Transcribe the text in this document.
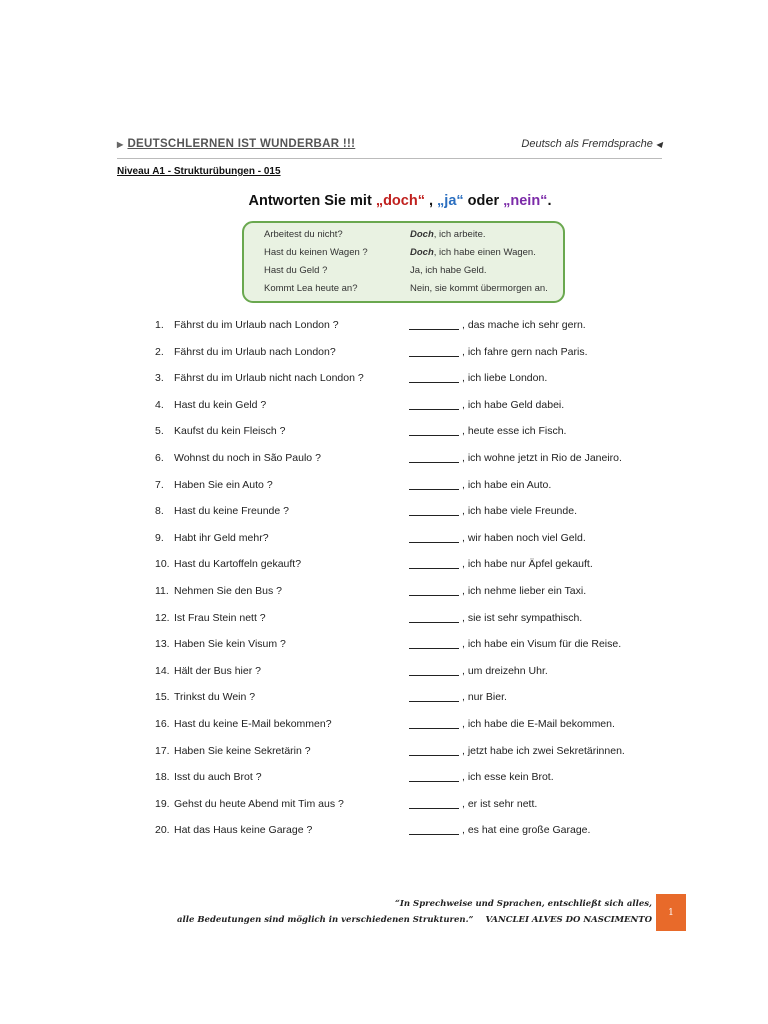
▶ DEUTSCHLERNEN IST WUNDERBAR !!!	Deutsch als Fremdsprache ◀
Niveau A1 - Strukturübungen - 015
Antworten Sie mit „doch“ , „ja“ oder „nein“.
Arbeitest du nicht?	Doch, ich arbeite.
Hast du keinen Wagen ?	Doch, ich habe einen Wagen.
Hast du Geld ?	Ja, ich habe Geld.
Kommt Lea heute an?	Nein, sie kommt übermorgen an.
1. Fährst du im Urlaub nach London ?	, das mache ich sehr gern.
2. Fährst du im Urlaub nach London?	, ich fahre gern nach Paris.
3. Fährst du im Urlaub nicht nach London ?	, ich liebe London.
4. Hast du kein Geld ?	, ich habe Geld dabei.
5. Kaufst du kein Fleisch ?	, heute esse ich Fisch.
6. Wohnst du noch in São Paulo ?	, ich wohne jetzt in Rio de Janeiro.
7. Haben Sie ein Auto ?	, ich habe ein Auto.
8. Hast du keine Freunde ?	, ich habe viele Freunde.
9. Habt ihr Geld mehr?	, wir haben noch viel Geld.
10. Hast du Kartoffeln gekauft?	, ich habe nur Äpfel gekauft.
11. Nehmen Sie den Bus ?	, ich nehme lieber ein Taxi.
12. Ist Frau Stein nett ?	, sie ist sehr sympathisch.
13. Haben Sie kein Visum ?	, ich habe ein Visum für die Reise.
14. Hält der Bus hier ?	, um dreizehn Uhr.
15. Trinkst du Wein ?	, nur Bier.
16. Hast du keine E-Mail bekommen?	, ich habe die E-Mail bekommen.
17. Haben Sie keine Sekretärin ?	, jetzt habe ich zwei Sekretärinnen.
18. Isst du auch Brot ?	, ich esse kein Brot.
19. Gehst du heute Abend mit Tim aus ?	, er ist sehr nett.
20. Hat das Haus keine Garage ?	, es hat eine große Garage.
“In Sprechweise und Sprachen, entschließt sich alles,
alle Bedeutungen sind möglich in verschiedenen Strukturen.” VANCLEI ALVES DO NASCIMENTO
1
